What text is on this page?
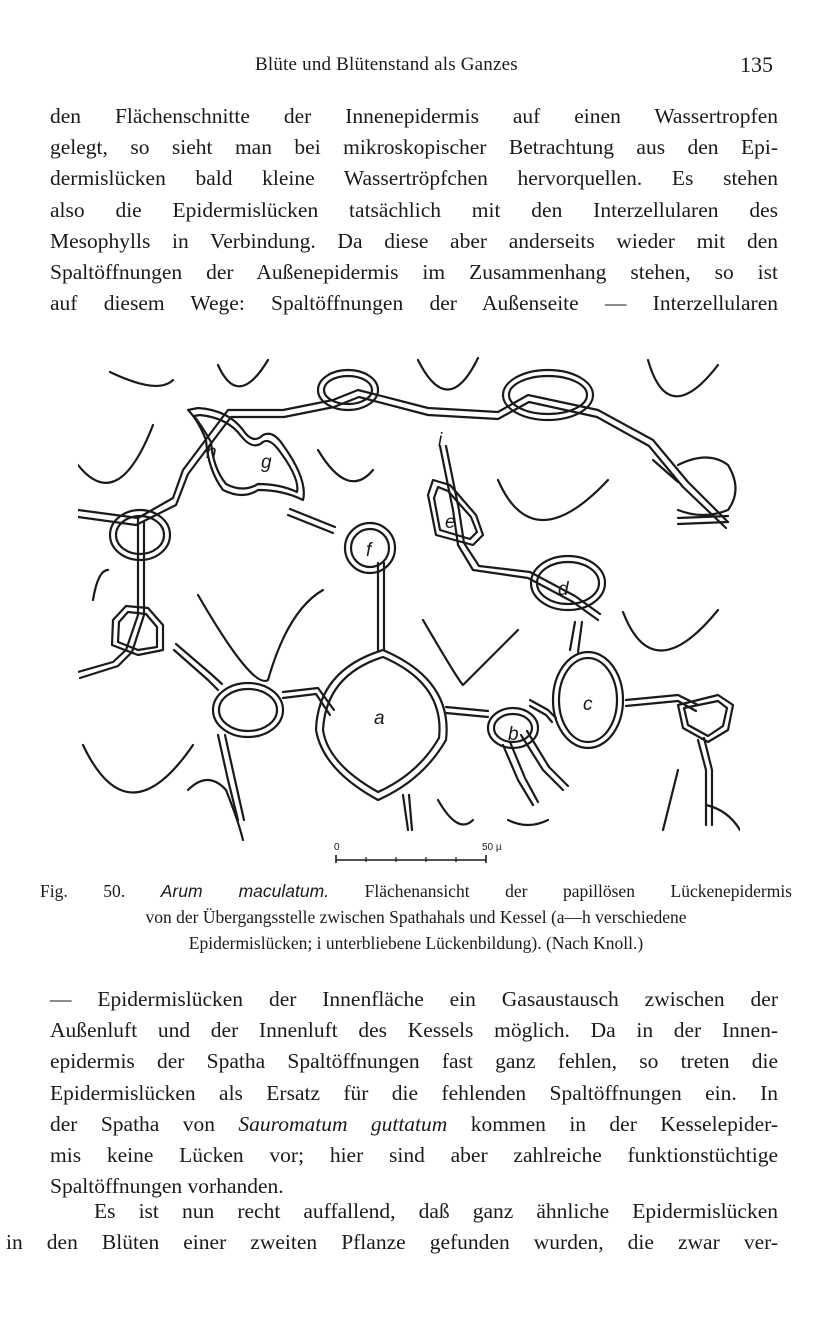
Blüte und Blütenstand als Ganzes	135

den Flächenschnitte der Innenepidermis auf einen Wassertropfen

gelegt, so sieht man bei mikroskopischer Betrachtung aus den Epi-

dermislücken bald kleine Wassertröpfchen hervorquellen. Es stehen

also die Epidermislücken tatsächlich mit den Interzellularen des

Mesophylls in Verbindung. Da diese aber anderseits wieder mit den

Spaltöffnungen der Außenepidermis im Zusammenhang stehen, so ist

auf diesem Wege: Spaltöffnungen der Außenseite — Interzellularen

a
b
c
d
e
f
g
h
i
0	50 µ
Fig. 50. Arum maculatum. Flächenansicht der papillösen Lückenepidermis
von der Übergangsstelle zwischen Spathahals und Kessel (a—h verschiedene
Epidermislücken; i unterbliebene Lückenbildung). (Nach Knoll.)

— Epidermislücken der Innenfläche ein Gasaustausch zwischen der

Außenluft und der Innenluft des Kessels möglich. Da in der Innen-

epidermis der Spatha Spaltöffnungen fast ganz fehlen, so treten die

Epidermislücken als Ersatz für die fehlenden Spaltöffnungen ein. In

der Spatha von Sauromatum guttatum kommen in der Kesselepider-

mis keine Lücken vor; hier sind aber zahlreiche funktionstüchtige

Spaltöffnungen vorhanden.

Es ist nun recht auffallend, daß ganz ähnliche Epidermislücken

in den Blüten einer zweiten Pflanze gefunden wurden, die zwar ver-
